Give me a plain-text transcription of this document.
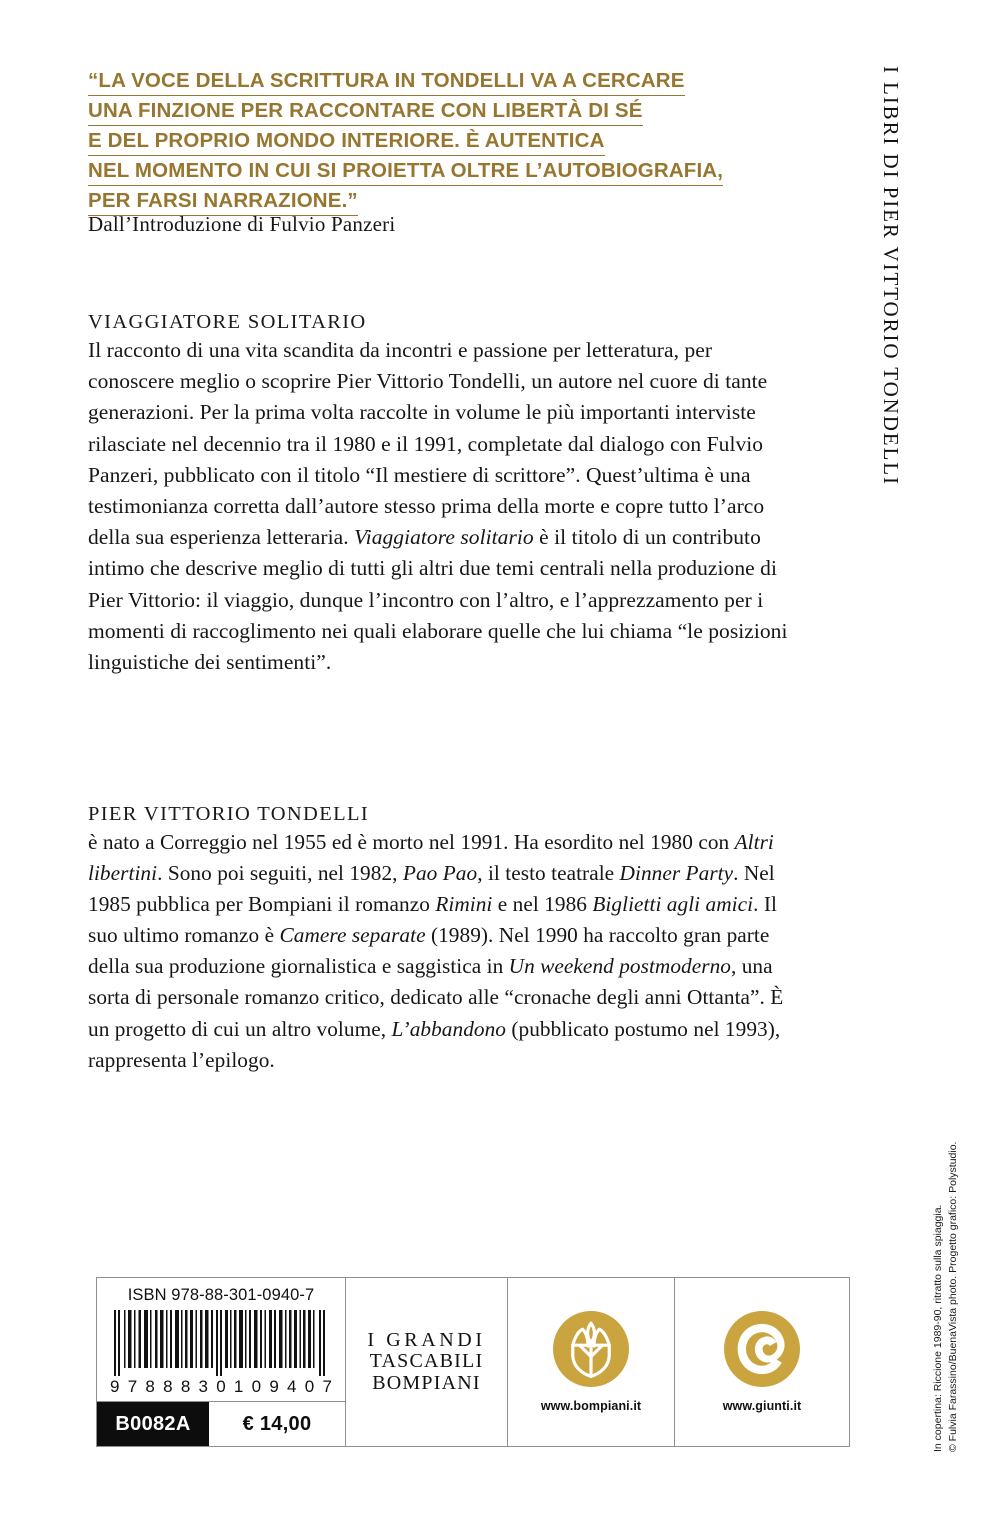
“LA VOCE DELLA SCRITTURA IN TONDELLI VA A CERCARE
UNA FINZIONE PER RACCONTARE CON LIBERTÀ DI SÉ
E DEL PROPRIO MONDO INTERIORE. È AUTENTICA
NEL MOMENTO IN CUI SI PROIETTA OLTRE L’AUTOBIOGRAFIA,
PER FARSI NARRAZIONE.”
Dall’Introduzione di Fulvio Panzeri
VIAGGIATORE SOLITARIO
Il racconto di una vita scandita da incontri e passione per letteratura, per conoscere meglio o scoprire Pier Vittorio Tondelli, un autore nel cuore di tante generazioni. Per la prima volta raccolte in volume le più importanti interviste rilasciate nel decennio tra il 1980 e il 1991, completate dal dialogo con Fulvio Panzeri, pubblicato con il titolo “Il mestiere di scrittore”. Quest’ultima è una testimonianza corretta dall’autore stesso prima della morte e copre tutto l’arco della sua esperienza letteraria. Viaggiatore solitario è il titolo di un contributo intimo che descrive meglio di tutti gli altri due temi centrali nella produzione di Pier Vittorio: il viaggio, dunque l’incontro con l’altro, e l’apprezzamento per i momenti di raccoglimento nei quali elaborare quelle che lui chiama “le posizioni linguistiche dei sentimenti”.
PIER VITTORIO TONDELLI
è nato a Correggio nel 1955 ed è morto nel 1991. Ha esordito nel 1980 con Altri libertini. Sono poi seguiti, nel 1982, Pao Pao, il testo teatrale Dinner Party. Nel 1985 pubblica per Bompiani il romanzo Rimini e nel 1986 Biglietti agli amici. Il suo ultimo romanzo è Camere separate (1989). Nel 1990 ha raccolto gran parte della sua produzione giornalistica e saggistica in Un weekend postmoderno, una sorta di personale romanzo critico, dedicato alle “cronache degli anni Ottanta”. È un progetto di cui un altro volume, L’abbandono (pubblicato postumo nel 1993), rappresenta l’epilogo.
I LIBRI DI PIER VITTORIO TONDELLI
In copertina: Riccione 1989-90, ritratto sulla spiaggia. © Fulvia Farassino/BuenaVista photo. Progetto grafico: Polystudio.
ISBN 978-88-301-0940-7
9 7 8 8 8 3 0 1 0 9 4 0 7
B0082A	€ 14,00
I GRANDI
TASCABILI
BOMPIANI
www.bompiani.it	www.giunti.it
